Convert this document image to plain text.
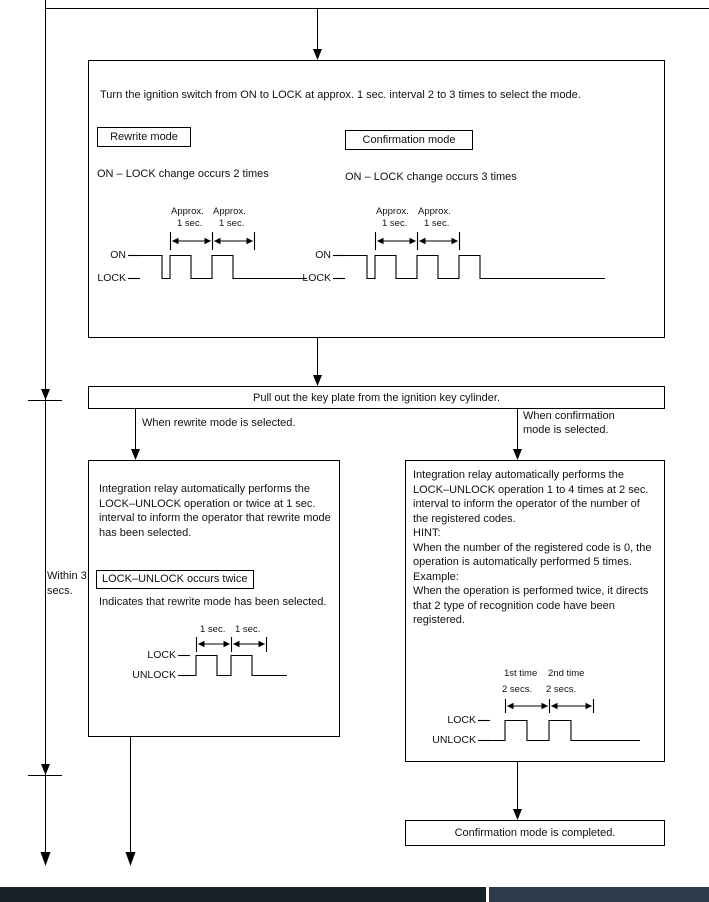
Turn the ignition switch from ON to LOCK at approx. 1 sec. interval 2 to 3 times to select the mode.
Rewrite mode	Confirmation mode
ON – LOCK change occurs 2 times	ON – LOCK change occurs 3 times
Approx. Approx.
1 sec. 1 sec.
ON
LOCK
Approx. Approx.
1 sec. 1 sec.
ON
LOCK
Pull out the key plate from the ignition key cylinder.
When rewrite mode is selected.
When confirmation mode is selected.
Within 3 secs.
Integration relay automatically performs the LOCK–UNLOCK operation or twice at 1 sec. interval to inform the operator that rewrite mode has been selected.
LOCK–UNLOCK occurs twice
Indicates that rewrite mode has been selected.
1 sec. 1 sec.
LOCK
UNLOCK

Integration relay automatically performs the LOCK–UNLOCK operation 1 to 4 times at 2 sec. interval to inform the operator of the number of the registered codes.

HINT:

When the number of the registered code is 0, the operation is automatically performed 5 times.

Example:

When the operation is performed twice, it directs that 2 type of recognition code have been registered.

1st time 2nd time
2 secs. 2 secs.
LOCK
UNLOCK
Confirmation mode is completed.
